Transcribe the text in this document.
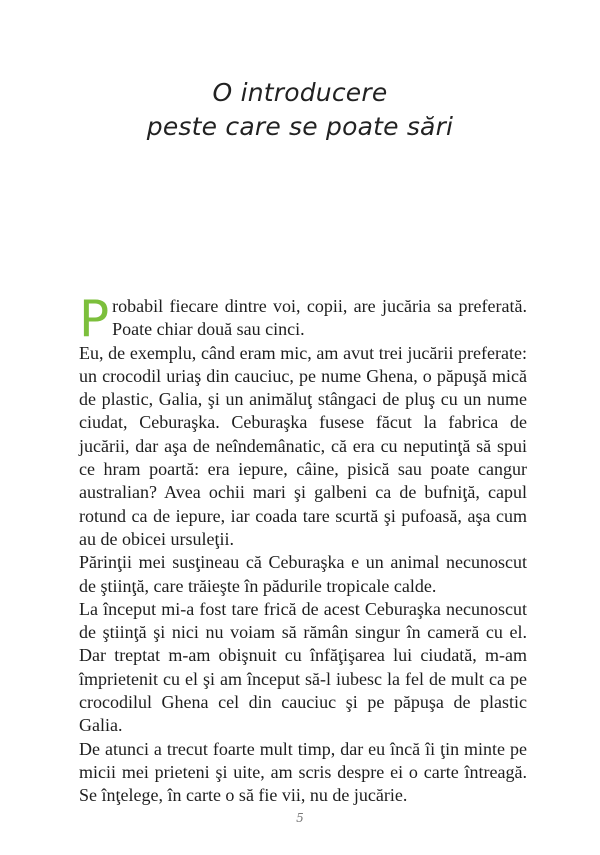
O introducere
peste care se poate sări

Probabil fiecare dintre voi, copii, are jucăria sa preferată. Poate chiar două sau cinci.

Eu, de exemplu, când eram mic, am avut trei jucării preferate: un crocodil uriaş din cauciuc, pe nume Ghena, o păpuşă mică de plastic, Galia, şi un animăluţ stângaci de pluş cu un nume ciudat, Ceburaşka. Ceburaşka fusese făcut la fabrica de jucării, dar aşa de neîndemânatic, că era cu neputinţă să spui ce hram poartă: era iepure, câine, pisică sau poate cangur australian? Avea ochii mari şi galbeni ca de bufniţă, capul rotund ca de iepure, iar coada tare scurtă şi pufoasă, aşa cum au de obicei ursuleţii.

Părinţii mei susţineau că Ceburaşka e un animal necunoscut de ştiinţă, care trăieşte în pădurile tropicale calde.

La început mi-a fost tare frică de acest Ceburaşka necunoscut de ştiinţă şi nici nu voiam să rămân singur în cameră cu el. Dar treptat m-am obişnuit cu înfăţişarea lui ciudată, m-am împrietenit cu el şi am început să-l iubesc la fel de mult ca pe crocodilul Ghena cel din cauciuc şi pe păpuşa de plastic Galia.

De atunci a trecut foarte mult timp, dar eu încă îi ţin minte pe micii mei prieteni şi uite, am scris despre ei o carte întreagă. Se înţelege, în carte o să fie vii, nu de jucărie.

5
